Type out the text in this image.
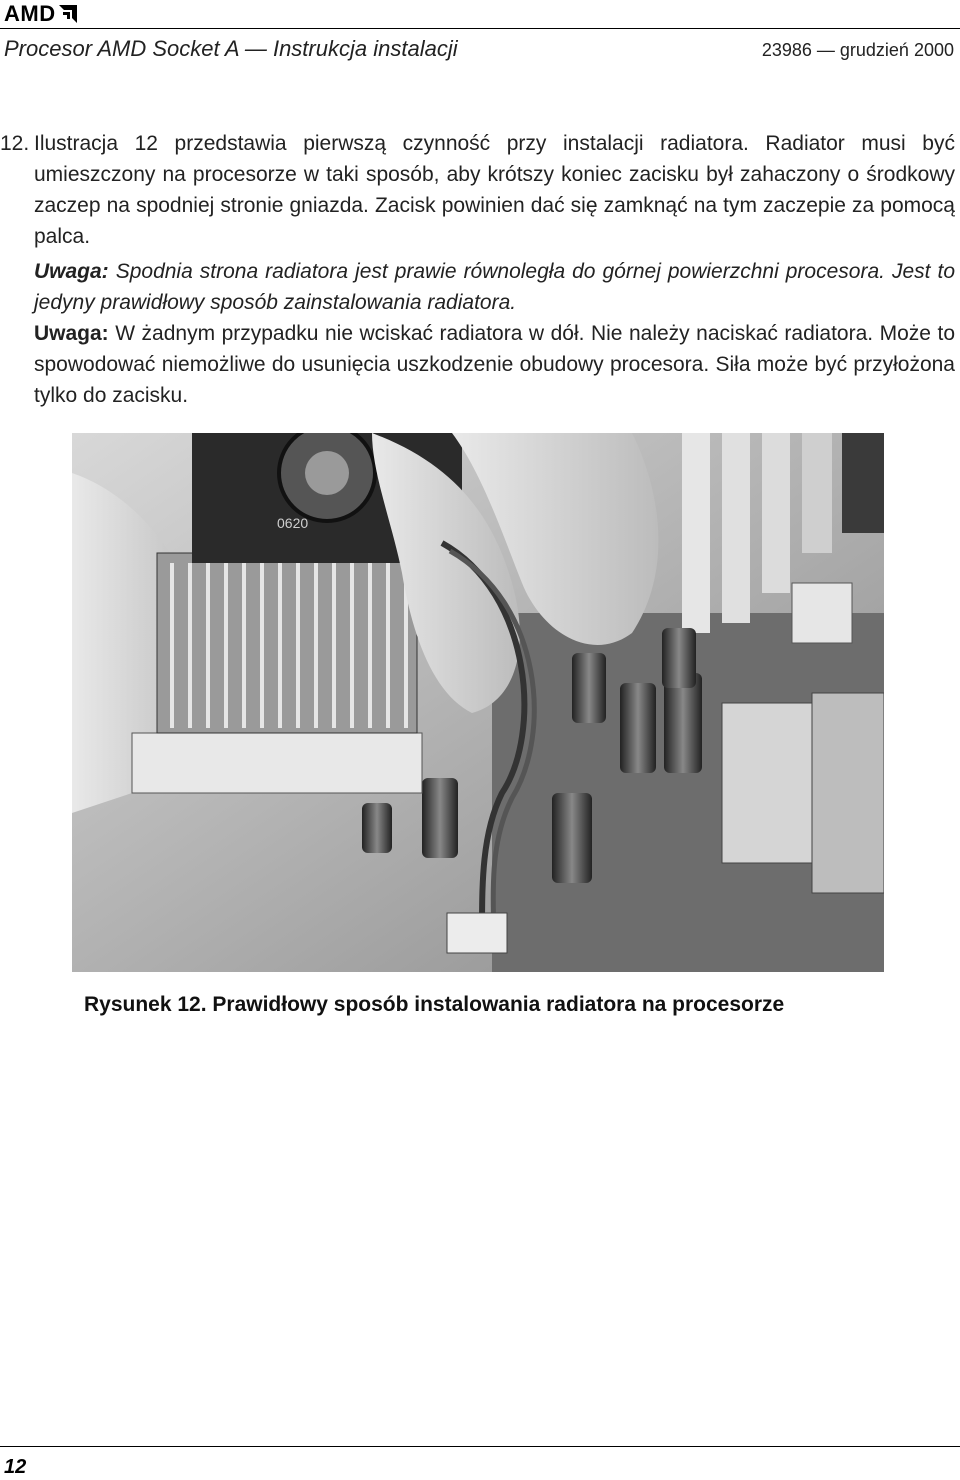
AMD
Procesor AMD Socket A — Instrukcja instalacji	23986 — grudzień 2000
12. Ilustracja 12 przedstawia pierwszą czynność przy instalacji radiatora. Radiator musi być umieszczony na procesorze w taki sposób, aby krótszy koniec zacisku był zahaczony o środkowy zaczep na spodniej stronie gniazda. Zacisk powinien dać się zamknąć na tym zaczepie za pomocą palca.
Uwaga: Spodnia strona radiatora jest prawie równoległa do górnej powierzchni procesora. Jest to jedyny prawidłowy sposób zainstalowania radiatora.
Uwaga: W żadnym przypadku nie wciskać radiatora w dół. Nie należy naciskać radiatora. Może to spowodować niemożliwe do usunięcia uszkodzenie obudowy procesora. Siła może być przyłożona tylko do zacisku.
0620
Rysunek 12. Prawidłowy sposób instalowania radiatora na procesorze
12
